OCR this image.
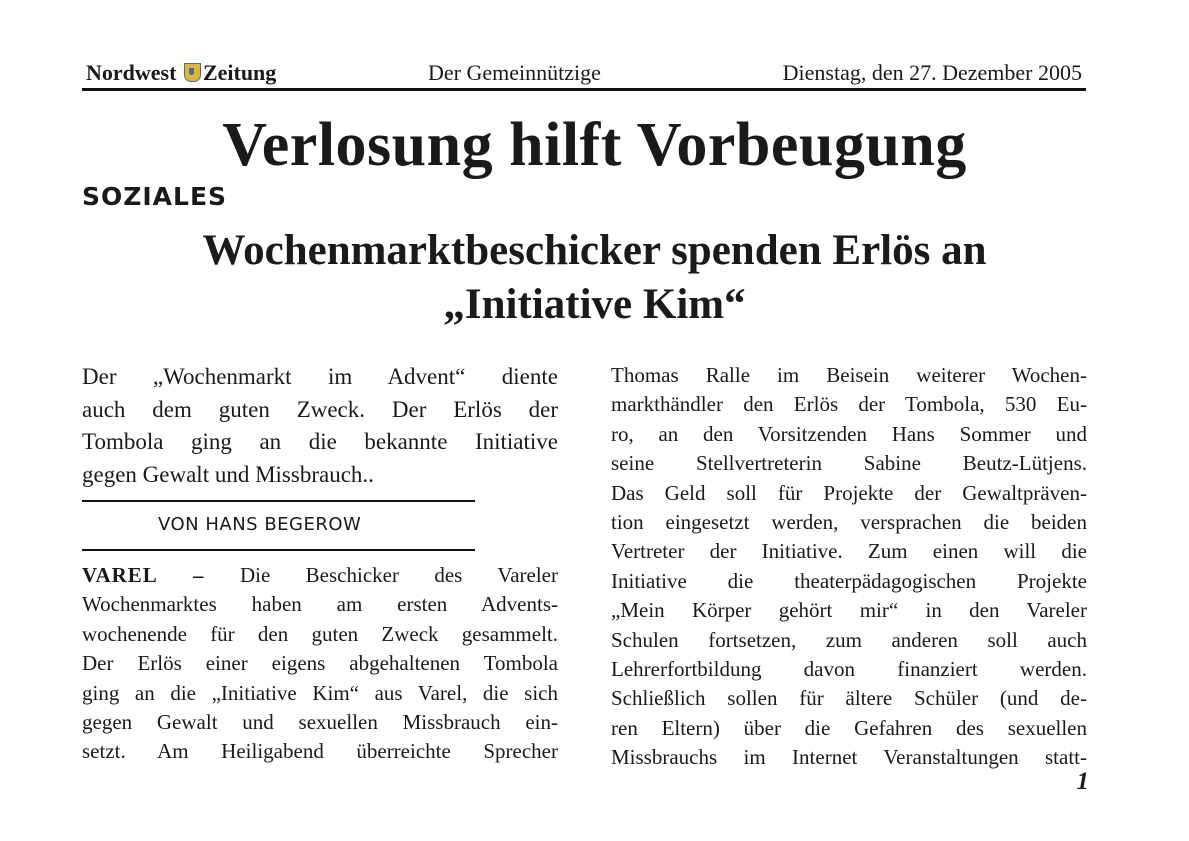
Nordwest Zeitung	Der Gemeinnützige	Dienstag, den 27. Dezember 2005
Verlosung hilft Vorbeugung
SOZIALES
Wochenmarktbeschicker spenden Erlös an
„Initiative Kim“
Der „Wochenmarkt im Advent“ diente
auch dem guten Zweck. Der Erlös der
Tombola ging an die bekannte Initiative
gegen Gewalt und Missbrauch..
VON HANS BEGEROW
VAREL – Die Beschicker des Vareler
Wochenmarktes haben am ersten Advents-
wochenende für den guten Zweck gesammelt.
Der Erlös einer eigens abgehaltenen Tombola
ging an die „Initiative Kim“ aus Varel, die sich
gegen Gewalt und sexuellen Missbrauch ein-
setzt. Am Heiligabend überreichte Sprecher
Thomas Ralle im Beisein weiterer Wochen-
markthändler den Erlös der Tombola, 530 Eu-
ro, an den Vorsitzenden Hans Sommer und
seine Stellvertreterin Sabine Beutz-Lütjens.
Das Geld soll für Projekte der Gewaltpräven-
tion eingesetzt werden, versprachen die beiden
Vertreter der Initiative. Zum einen will die
Initiative die theaterpädagogischen Projekte
„Mein Körper gehört mir“ in den Vareler
Schulen fortsetzen, zum anderen soll auch
Lehrerfortbildung davon finanziert werden.
Schließlich sollen für ältere Schüler (und de-
ren Eltern) über die Gefahren des sexuellen
Missbrauchs im Internet Veranstaltungen statt-
1
